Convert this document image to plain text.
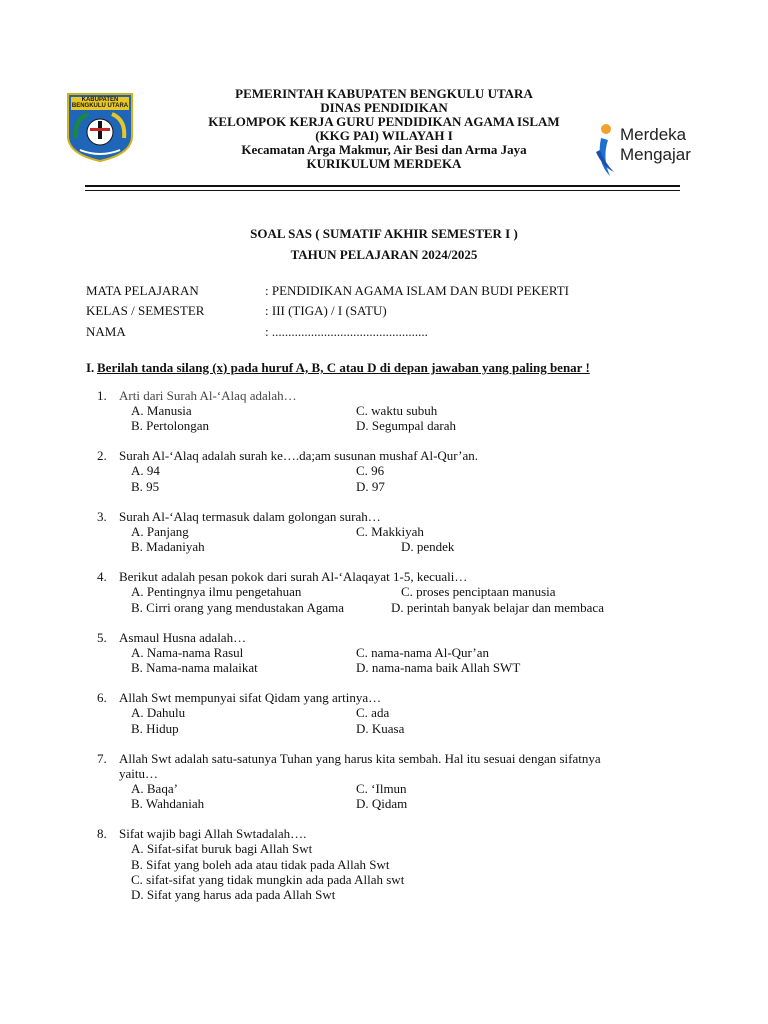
KABUPATEN
BENGKULU UTARA
PEMERINTAH KABUPATEN BENGKULU UTARA
DINAS PENDIDIKAN
KELOMPOK KERJA GURU PENDIDIKAN AGAMA ISLAM
(KKG PAI) WILAYAH I
Kecamatan Arga Makmur, Air Besi dan Arma Jaya
KURIKULUM MERDEKA
Merdeka
Mengajar
SOAL SAS ( SUMATIF AKHIR SEMESTER I )
TAHUN PELAJARAN 2024/2025
MATA PELAJARAN	: PENDIDIKAN AGAMA ISLAM DAN BUDI PEKERTI
KELAS / SEMESTER	: III (TIGA) / I (SATU)
NAMA	: ................................................
I. Berilah tanda silang (x) pada huruf A, B, C atau D di depan jawaban yang paling benar !
1. Arti dari Surah Al-‘Alaq adalah…
A. Manusia	C. waktu subuh
B. Pertolongan	D. Segumpal darah
2. Surah Al-‘Alaq adalah surah ke….da;am susunan mushaf Al-Qur’an.
A. 94	C. 96
B. 95	D. 97
3. Surah Al-‘Alaq termasuk dalam golongan surah…
A. Panjang	C. Makkiyah
B. Madaniyah	D. pendek
4. Berikut adalah pesan pokok dari surah Al-‘Alaqayat 1-5, kecuali…
A. Pentingnya ilmu pengetahuan	C. proses penciptaan manusia
B. Cirri orang yang mendustakan Agama	D. perintah banyak belajar dan membaca
5. Asmaul Husna adalah…
A. Nama-nama Rasul	C. nama-nama Al-Qur’an
B. Nama-nama malaikat	D. nama-nama baik Allah SWT
6. Allah Swt mempunyai sifat Qidam yang artinya…
A. Dahulu	C. ada
B. Hidup	D. Kuasa
7. Allah Swt adalah satu-satunya Tuhan yang harus kita sembah. Hal itu sesuai dengan sifatnya
yaitu…
A. Baqa’	C. ‘Ilmun
B. Wahdaniah	D. Qidam
8. Sifat wajib bagi Allah Swtadalah….
A. Sifat-sifat buruk bagi Allah Swt
B. Sifat yang boleh ada atau tidak pada Allah Swt
C. sifat-sifat yang tidak mungkin ada pada Allah swt
D. Sifat yang harus ada pada Allah Swt
